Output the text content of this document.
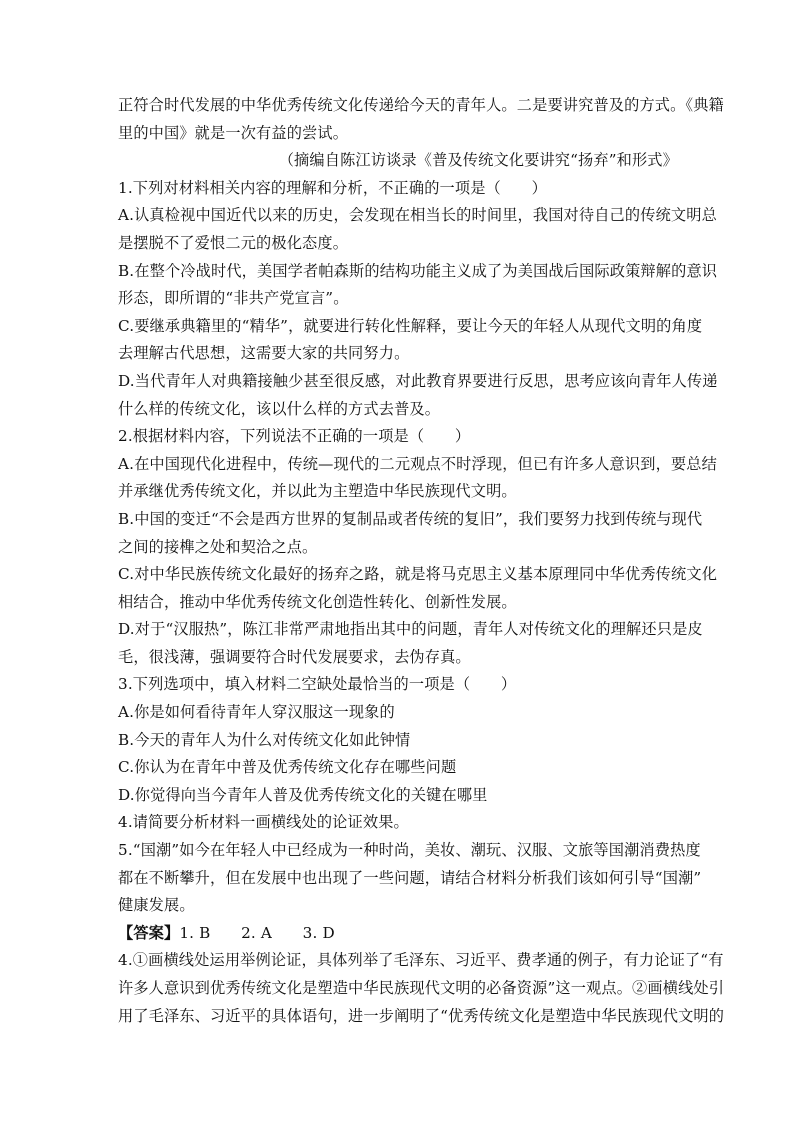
正符合时代发展的中华优秀传统文化传递给今天的青年人。二是要讲究普及的方式。《典籍
里的中国》就是一次有益的尝试。
（摘编自陈江访谈录《普及传统文化要讲究“扬弃”和形式》
1.下列对材料相关内容的理解和分析，不正确的一项是（　　）
A.认真检视中国近代以来的历史，会发现在相当长的时间里，我国对待自己的传统文明总
是摆脱不了爱恨二元的极化态度。
B.在整个冷战时代，美国学者帕森斯的结构功能主义成了为美国战后国际政策辩解的意识
形态，即所谓的“非共产党宣言”。
C.要继承典籍里的“精华”，就要进行转化性解释，要让今天的年轻人从现代文明的角度
去理解古代思想，这需要大家的共同努力。
D.当代青年人对典籍接触少甚至很反感，对此教育界要进行反思，思考应该向青年人传递
什么样的传统文化，该以什么样的方式去普及。
2.根据材料内容，下列说法不正确的一项是（　　）
A.在中国现代化进程中，传统—现代的二元观点不时浮现，但已有许多人意识到，要总结
并承继优秀传统文化，并以此为主塑造中华民族现代文明。
B.中国的变迁“不会是西方世界的复制品或者传统的复旧”，我们要努力找到传统与现代
之间的接榫之处和契洽之点。
C.对中华民族传统文化最好的扬弃之路，就是将马克思主义基本原理同中华优秀传统文化
相结合，推动中华优秀传统文化创造性转化、创新性发展。
D.对于“汉服热”，陈江非常严肃地指出其中的问题，青年人对传统文化的理解还只是皮
毛，很浅薄，强调要符合时代发展要求，去伪存真。
3.下列选项中，填入材料二空缺处最恰当的一项是（　　）
A.你是如何看待青年人穿汉服这一现象的
B.今天的青年人为什么对传统文化如此钟情
C.你认为在青年中普及优秀传统文化存在哪些问题
D.你觉得向当今青年人普及优秀传统文化的关键在哪里
4.请简要分析材料一画横线处的论证效果。
5.“国潮”如今在年轻人中已经成为一种时尚，美妆、潮玩、汉服、文旅等国潮消费热度
都在不断攀升，但在发展中也出现了一些问题，请结合材料分析我们该如何引导“国潮”
健康发展。
【答案】1. B　　2. A　　3. D
4.①画横线处运用举例论证，具体列举了毛泽东、习近平、费孝通的例子，有力论证了“有
许多人意识到优秀传统文化是塑造中华民族现代文明的必备资源”这一观点。②画横线处引
用了毛泽东、习近平的具体语句，进一步阐明了“优秀传统文化是塑造中华民族现代文明的
